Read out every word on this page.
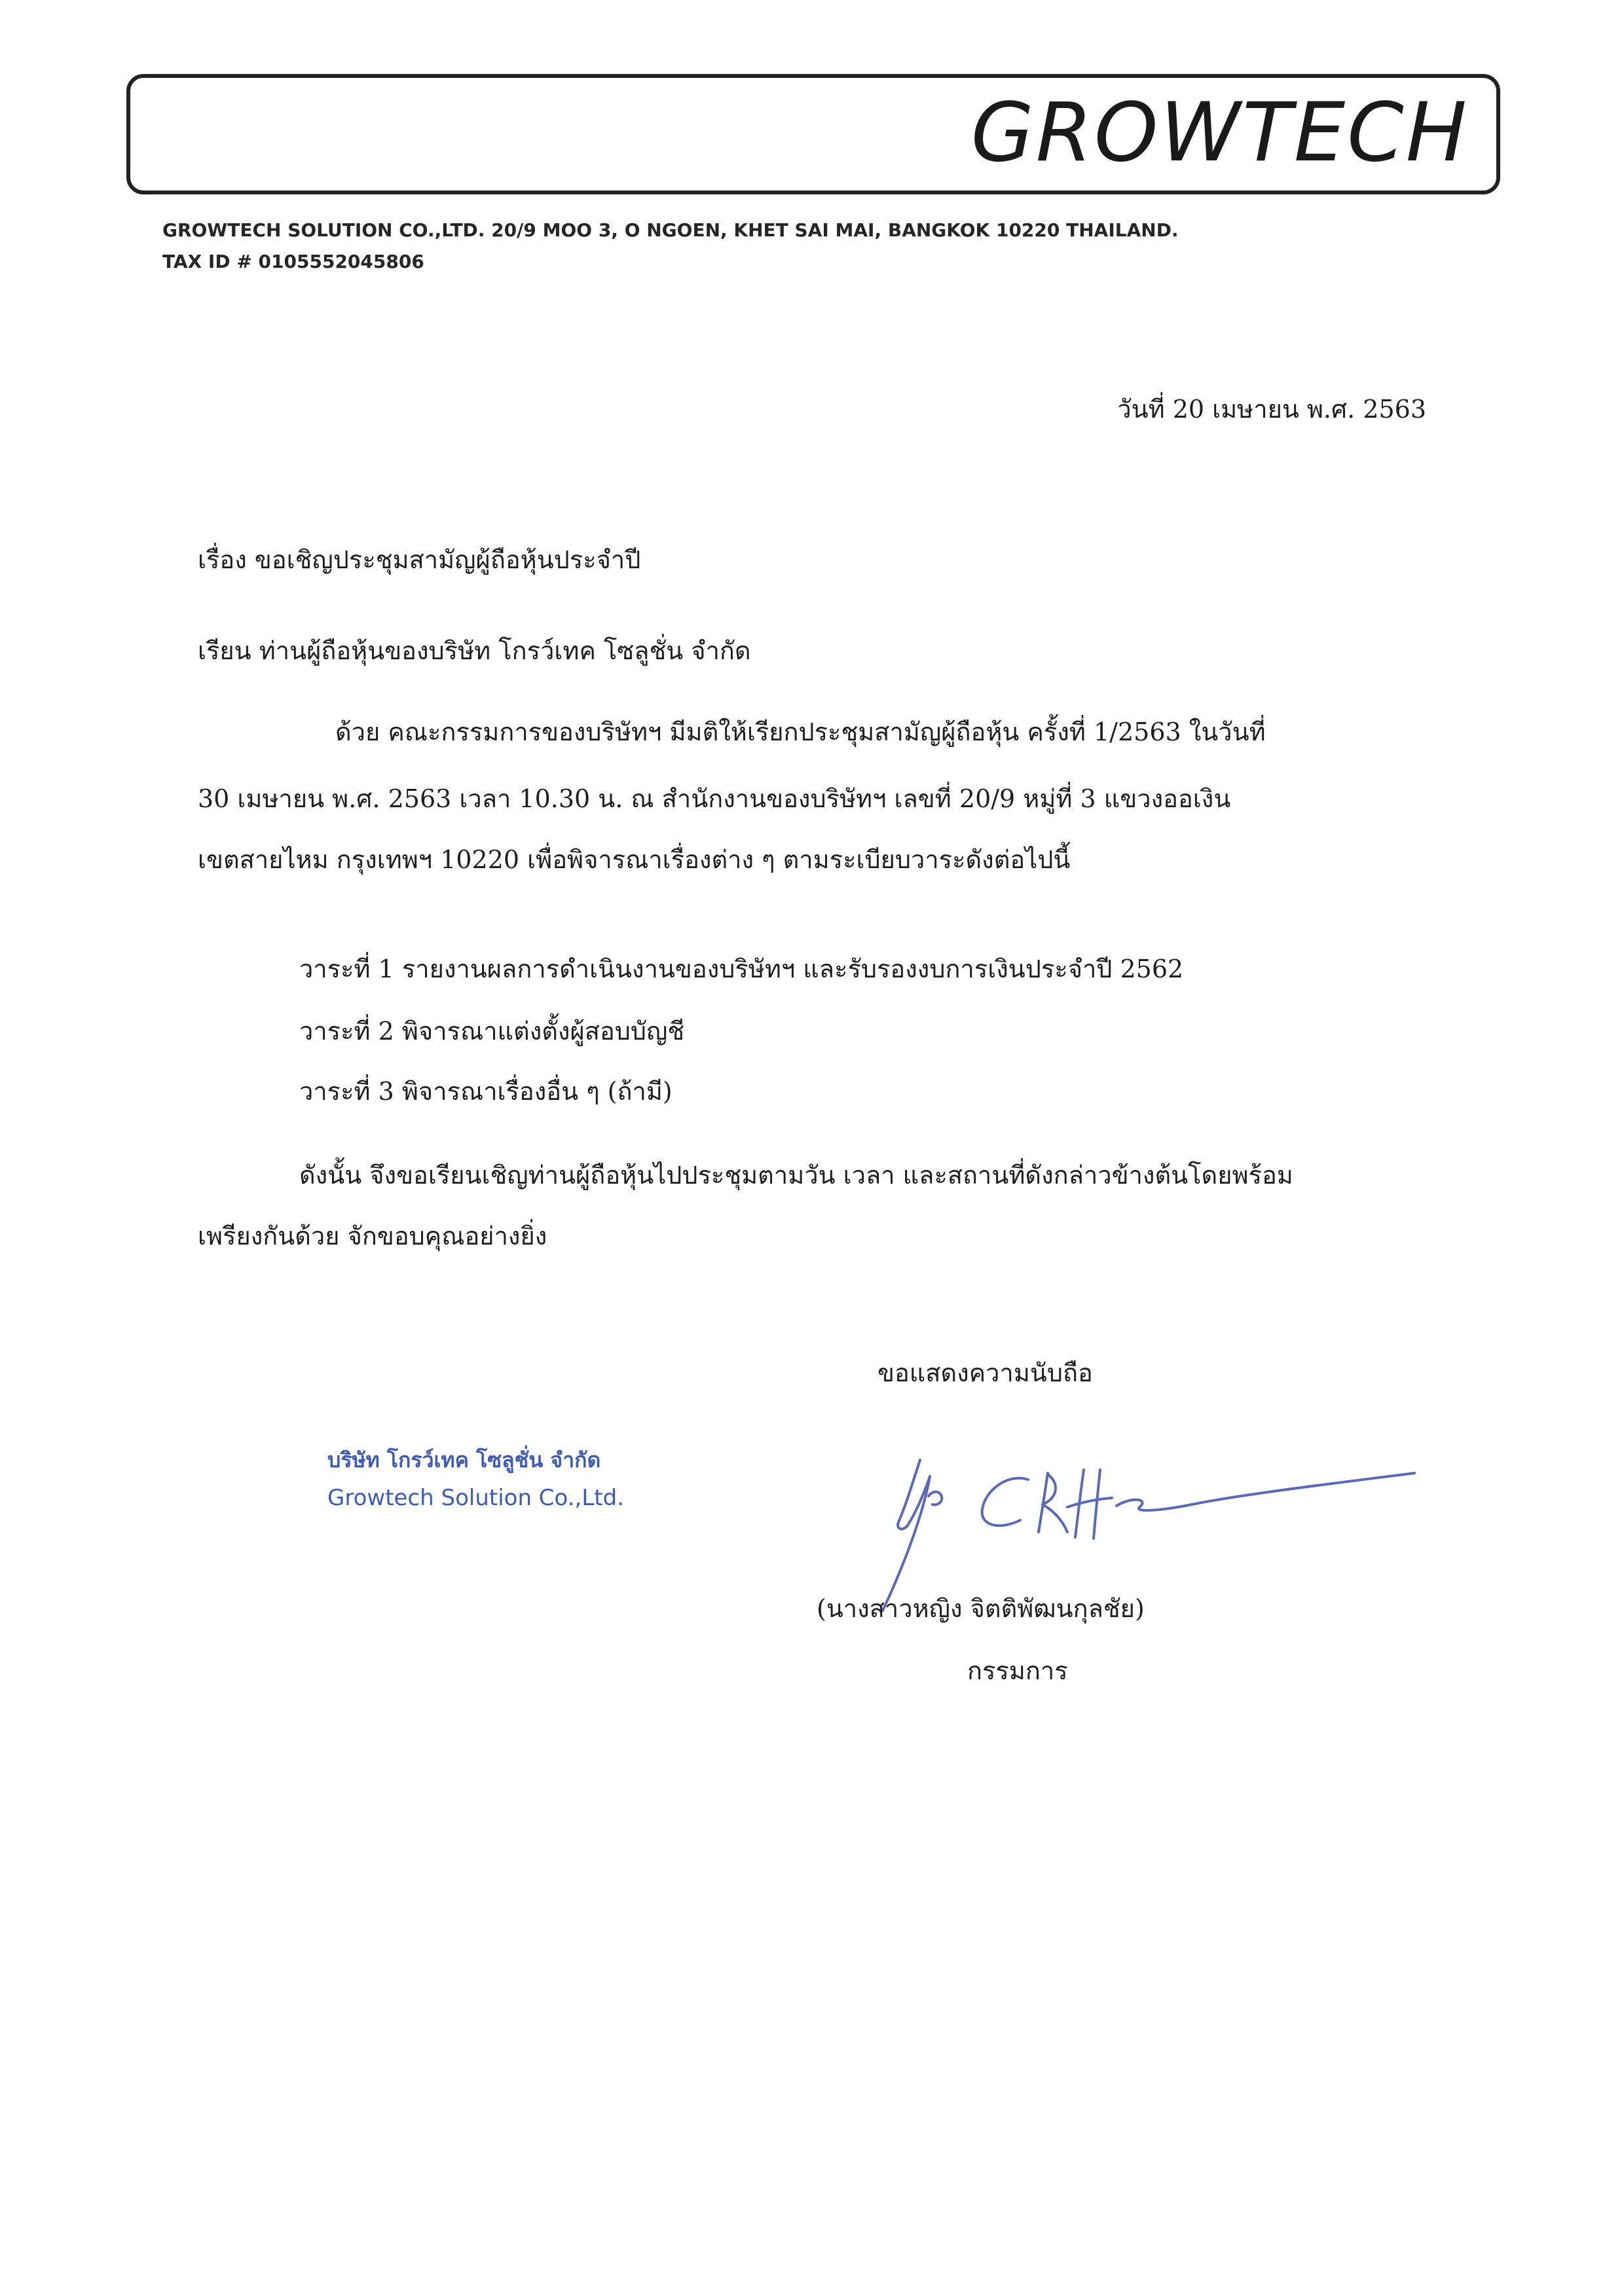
GROWTECH
GROWTECH SOLUTION CO.,LTD. 20/9 MOO 3, O NGOEN, KHET SAI MAI, BANGKOK 10220 THAILAND.
TAX ID # 0105552045806
วันที่ 20 เมษายน พ.ศ. 2563
เรื่อง ขอเชิญประชุมสามัญผู้ถือหุ้นประจำปี
เรียน ท่านผู้ถือหุ้นของบริษัท โกรว์เทค โซลูชั่น จำกัด
ด้วย คณะกรรมการของบริษัทฯ มีมติให้เรียกประชุมสามัญผู้ถือหุ้น ครั้งที่ 1/2563 ในวันที่
30 เมษายน พ.ศ. 2563 เวลา 10.30 น. ณ สำนักงานของบริษัทฯ เลขที่ 20/9 หมู่ที่ 3 แขวงออเงิน
เขตสายไหม กรุงเทพฯ 10220 เพื่อพิจารณาเรื่องต่าง ๆ ตามระเบียบวาระดังต่อไปนี้
วาระที่ 1 รายงานผลการดำเนินงานของบริษัทฯ และรับรองงบการเงินประจำปี 2562
วาระที่ 2 พิจารณาแต่งตั้งผู้สอบบัญชี
วาระที่ 3 พิจารณาเรื่องอื่น ๆ (ถ้ามี)
ดังนั้น จึงขอเรียนเชิญท่านผู้ถือหุ้นไปประชุมตามวัน เวลา และสถานที่ดังกล่าวข้างต้นโดยพร้อม
เพรียงกันด้วย จักขอบคุณอย่างยิ่ง
ขอแสดงความนับถือ
บริษัท โกรว์เทค โซลูชั่น จำกัด
Growtech Solution Co.,Ltd.
(นางสาวหญิง จิตติพัฒนกุลชัย)
กรรมการ
